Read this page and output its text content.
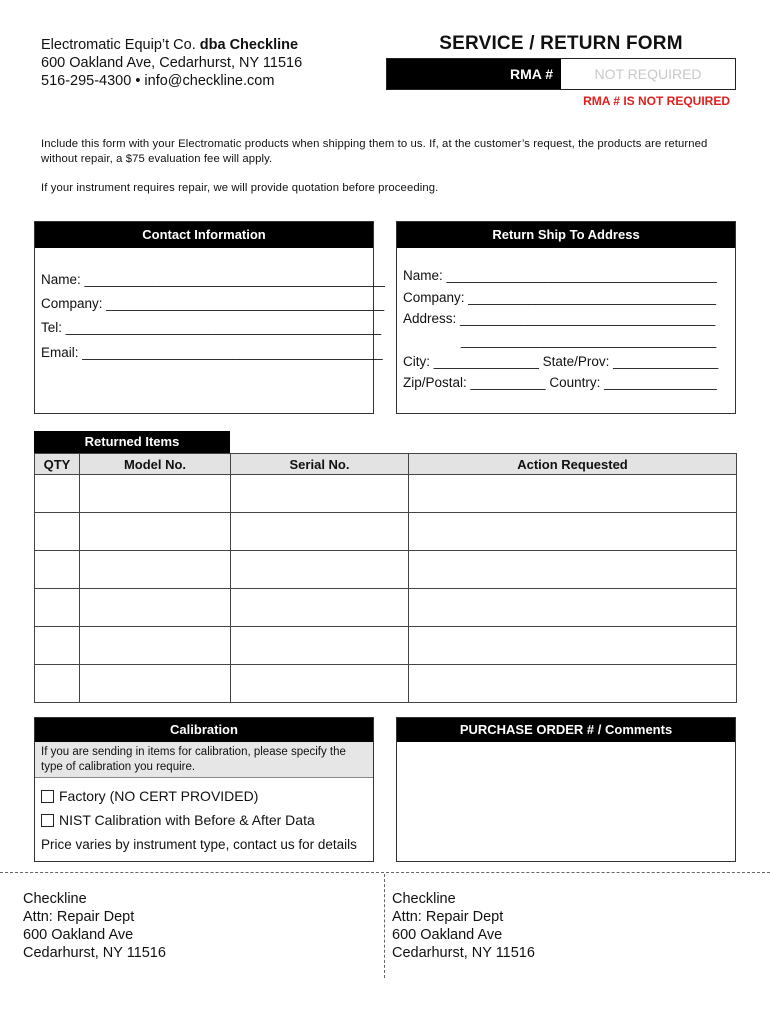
Electromatic Equip’t Co. dba Checkline
600 Oakland Ave, Cedarhurst, NY 11516
516-295-4300 • info@checkline.com
SERVICE / RETURN FORM
RMA #	NOT REQUIRED
RMA # IS NOT REQUIRED
Include this form with your Electromatic products when shipping them to us. If, at the customer’s request, the products are returned without repair, a $75 evaluation fee will apply.
If your instrument requires repair, we will provide quotation before proceeding.
Contact Information
Name: ________________________________________
Company: _____________________________________
Tel: __________________________________________
Email: ________________________________________
Return Ship To Address
Name: ____________________________________
Company: _________________________________
Address: __________________________________
__________________________________
City: ______________ State/Prov: ______________
Zip/Postal: __________ Country: _______________
Returned Items
QTY	Model No.	Serial No.	Action Requested

Calibration
If you are sending in items for calibration, please specify the type of calibration you require.
Factory (NO CERT PROVIDED)
NIST Calibration with Before & After Data
Price varies by instrument type, contact us for details
PURCHASE ORDER # / Comments
Checkline
Attn: Repair Dept
600 Oakland Ave
Cedarhurst, NY 11516
Checkline
Attn: Repair Dept
600 Oakland Ave
Cedarhurst, NY 11516
